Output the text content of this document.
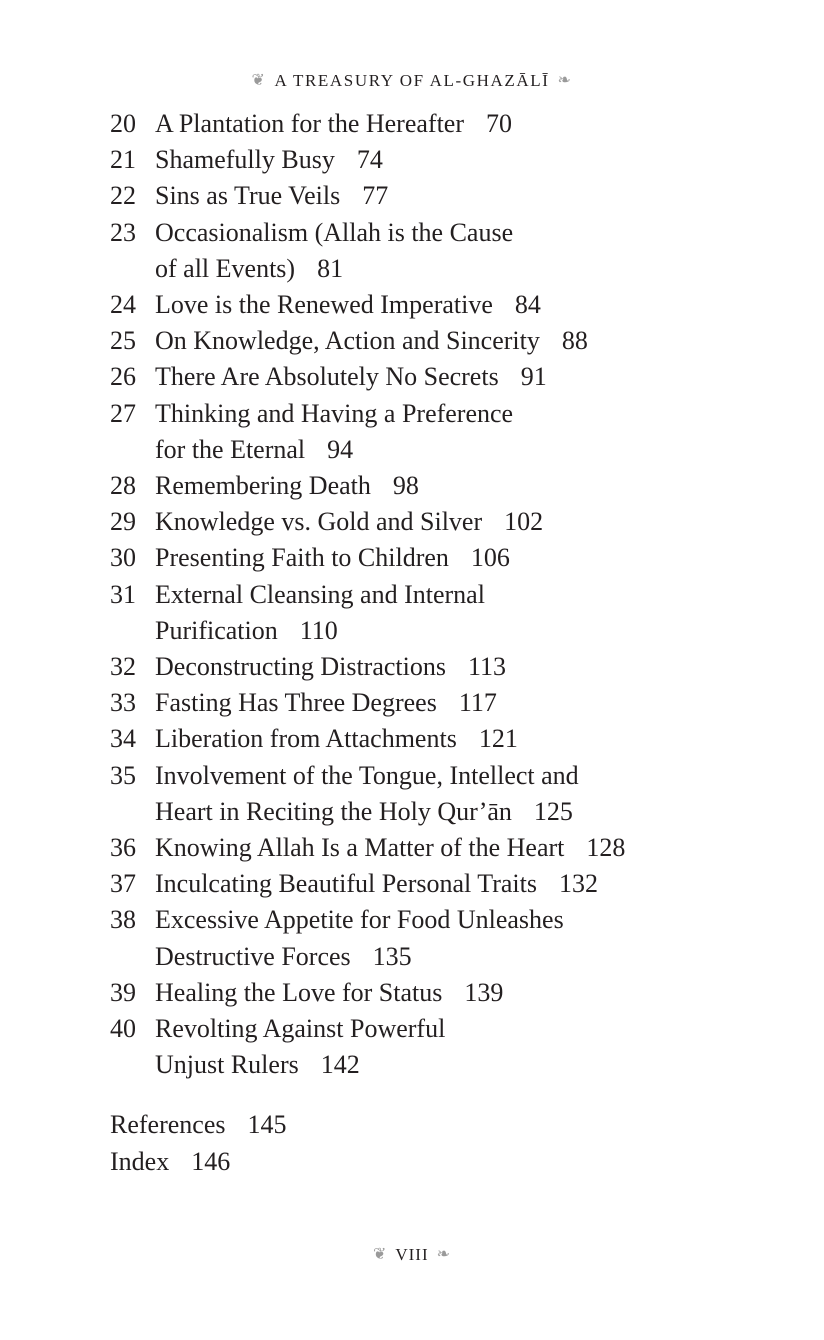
❦ A TREASURY OF AL-GHAZĀLĪ ❧
20 A Plantation for the Hereafter 70
21 Shamefully Busy 74
22 Sins as True Veils 77
23 Occasionalism (Allah is the Cause
of all Events) 81
24 Love is the Renewed Imperative 84
25 On Knowledge, Action and Sincerity 88
26 There Are Absolutely No Secrets 91
27 Thinking and Having a Preference
for the Eternal 94
28 Remembering Death 98
29 Knowledge vs. Gold and Silver 102
30 Presenting Faith to Children 106
31 External Cleansing and Internal
Purification 110
32 Deconstructing Distractions 113
33 Fasting Has Three Degrees 117
34 Liberation from Attachments 121
35 Involvement of the Tongue, Intellect and
Heart in Reciting the Holy Qur’ān 125
36 Knowing Allah Is a Matter of the Heart 128
37 Inculcating Beautiful Personal Traits 132
38 Excessive Appetite for Food Unleashes
Destructive Forces 135
39 Healing the Love for Status 139
40 Revolting Against Powerful
Unjust Rulers 142
References 145
Index 146
❦ VIII ❧
